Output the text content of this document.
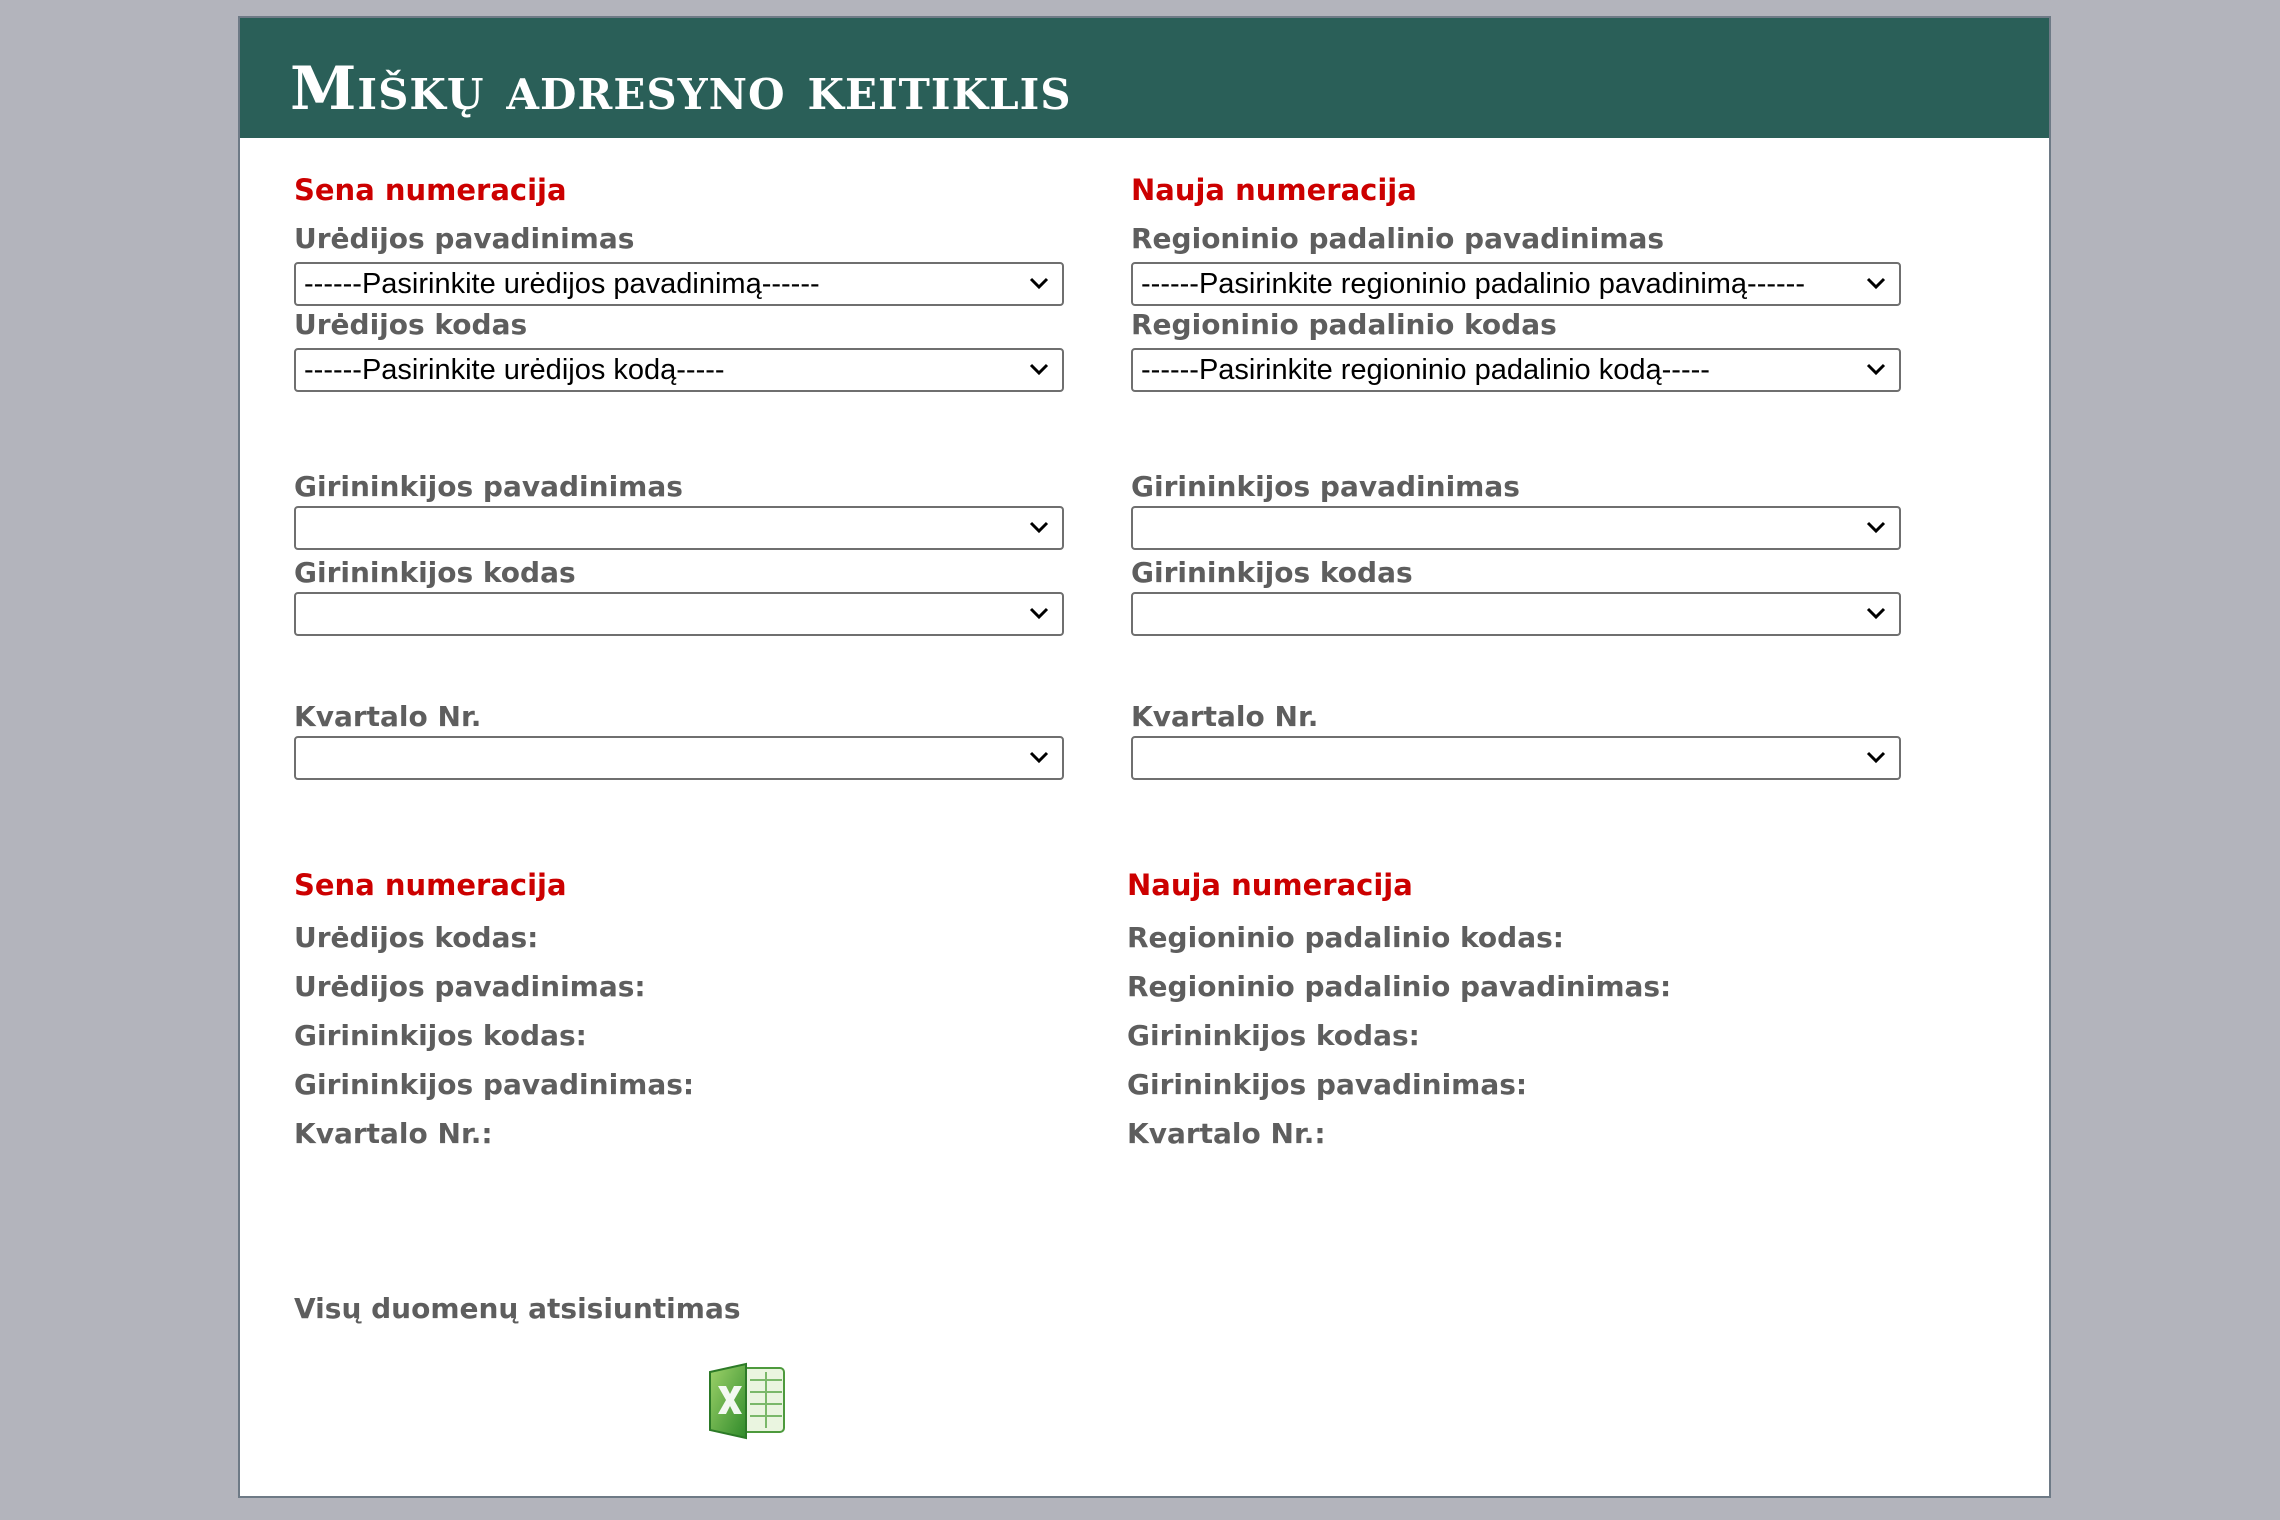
Miškų adresyno keitiklis
Sena numeracija
Urėdijos pavadinimas
------Pasirinkite urėdijos pavadinimą------
Urėdijos kodas
------Pasirinkite urėdijos kodą-----
Girininkijos pavadinimas
Girininkijos kodas
Kvartalo Nr.
Nauja numeracija
Regioninio padalinio pavadinimas
------Pasirinkite regioninio padalinio pavadinimą------
Regioninio padalinio kodas
------Pasirinkite regioninio padalinio kodą-----
Girininkijos pavadinimas
Girininkijos kodas
Kvartalo Nr.
Sena numeracija
Urėdijos kodas:
Urėdijos pavadinimas:
Girininkijos kodas:
Girininkijos pavadinimas:
Kvartalo Nr.:
Nauja numeracija
Regioninio padalinio kodas:
Regioninio padalinio pavadinimas:
Girininkijos kodas:
Girininkijos pavadinimas:
Kvartalo Nr.:
Visų duomenų atsisiuntimas
